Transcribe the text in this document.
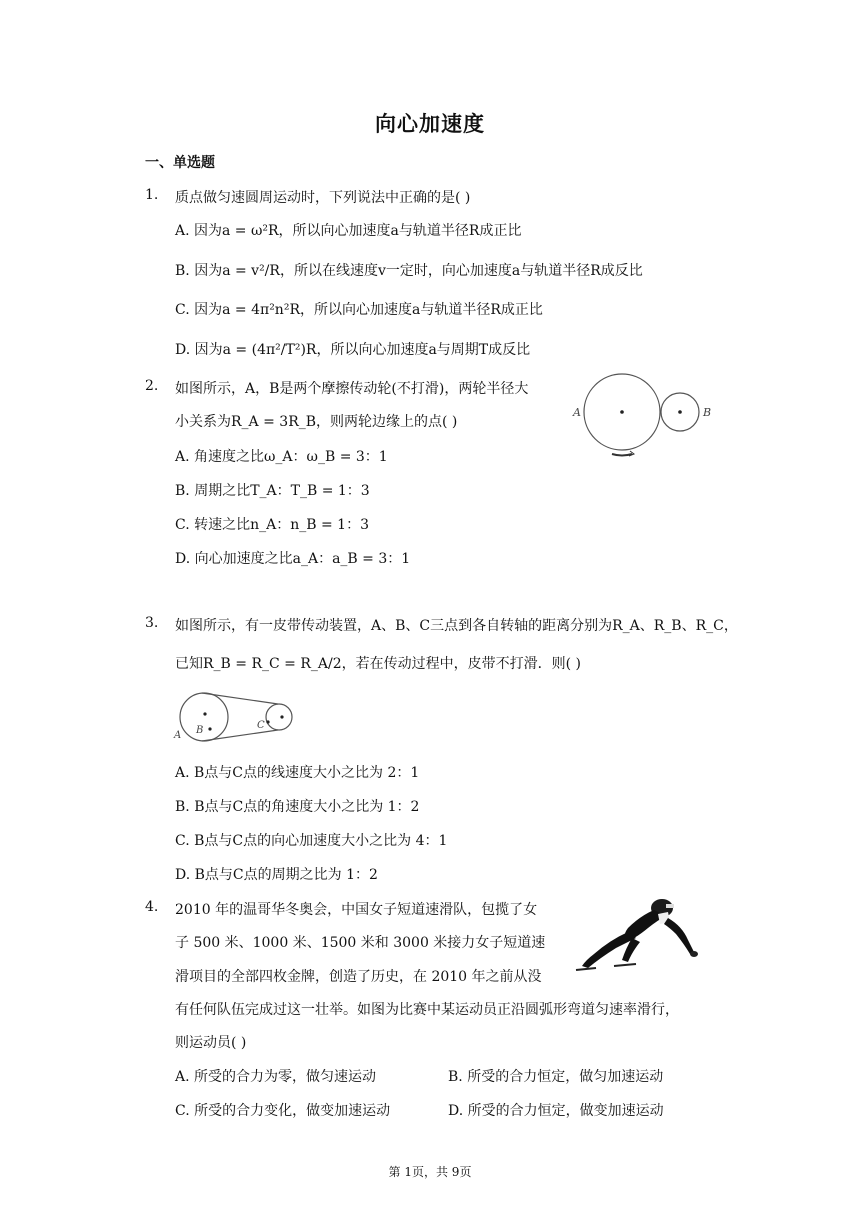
向心加速度
一、单选题
1. 质点做匀速圆周运动时，下列说法中正确的是( )
A. 因为a = ω²R，所以向心加速度a与轨道半径R成正比
B. 因为a = v²/R，所以在线速度v一定时，向心加速度a与轨道半径R成反比
C. 因为a = 4π²n²R，所以向心加速度a与轨道半径R成正比
D. 因为a = (4π²/T²)R，所以向心加速度a与周期T成反比
2. 如图所示，A，B是两个摩擦传动轮(不打滑)，两轮半径大
小关系为R_A = 3R_B，则两轮边缘上的点( )
A. 角速度之比ω_A：ω_B = 3：1
B. 周期之比T_A：T_B = 1：3
C. 转速之比n_A：n_B = 1：3
D. 向心加速度之比a_A：a_B = 3：1
A	B
3. 如图所示，有一皮带传动装置，A、B、C三点到各自转轴的距离分别为R_A、R_B、R_C，
已知R_B = R_C = R_A/2，若在传动过程中，皮带不打滑．则( )
A B	C
A. B点与C点的线速度大小之比为 2：1
B. B点与C点的角速度大小之比为 1：2
C. B点与C点的向心加速度大小之比为 4：1
D. B点与C点的周期之比为 1：2
4. 2010 年的温哥华冬奥会，中国女子短道速滑队，包揽了女
子 500 米、1000 米、1500 米和 3000 米接力女子短道速
滑项目的全部四枚金牌，创造了历史，在 2010 年之前从没
有任何队伍完成过这一壮举。如图为比赛中某运动员正沿圆弧形弯道匀速率滑行，
则运动员( )
A. 所受的合力为零，做匀速运动	B. 所受的合力恒定，做匀加速运动
C. 所受的合力变化，做变加速运动	D. 所受的合力恒定，做变加速运动
第 1页，共 9页
